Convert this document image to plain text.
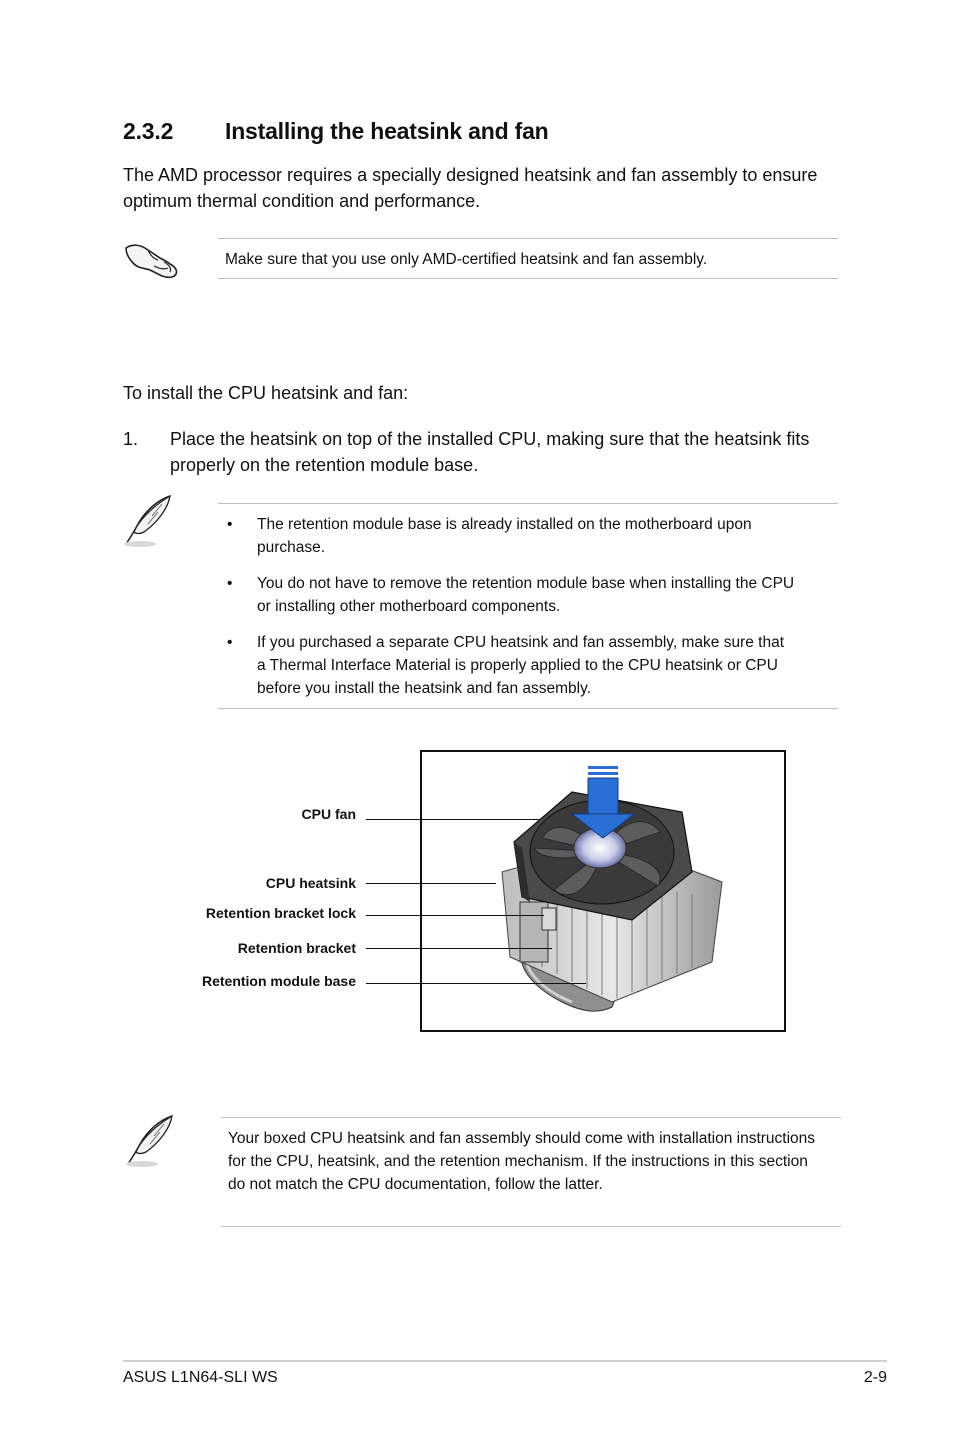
2.3.2 Installing the heatsink and fan
The AMD processor requires a specially designed heatsink and fan assembly to ensure optimum thermal condition and performance.
Make sure that you use only AMD-certified heatsink and fan assembly.
To install the CPU heatsink and fan:
1. Place the heatsink on top of the installed CPU, making sure that the heatsink fits properly on the retention module base.
• The retention module base is already installed on the motherboard upon purchase.
• You do not have to remove the retention module base when installing the CPU or installing other motherboard components.
• If you purchased a separate CPU heatsink and fan assembly, make sure that a Thermal Interface Material is properly applied to the CPU heatsink or CPU before you install the heatsink and fan assembly.
CPU fan
CPU heatsink
Retention bracket lock
Retention bracket
Retention module base
Your boxed CPU heatsink and fan assembly should come with installation instructions for the CPU, heatsink, and the retention mechanism. If the instructions in this section do not match the CPU documentation, follow the latter.
ASUS L1N64-SLI WS	2-9
